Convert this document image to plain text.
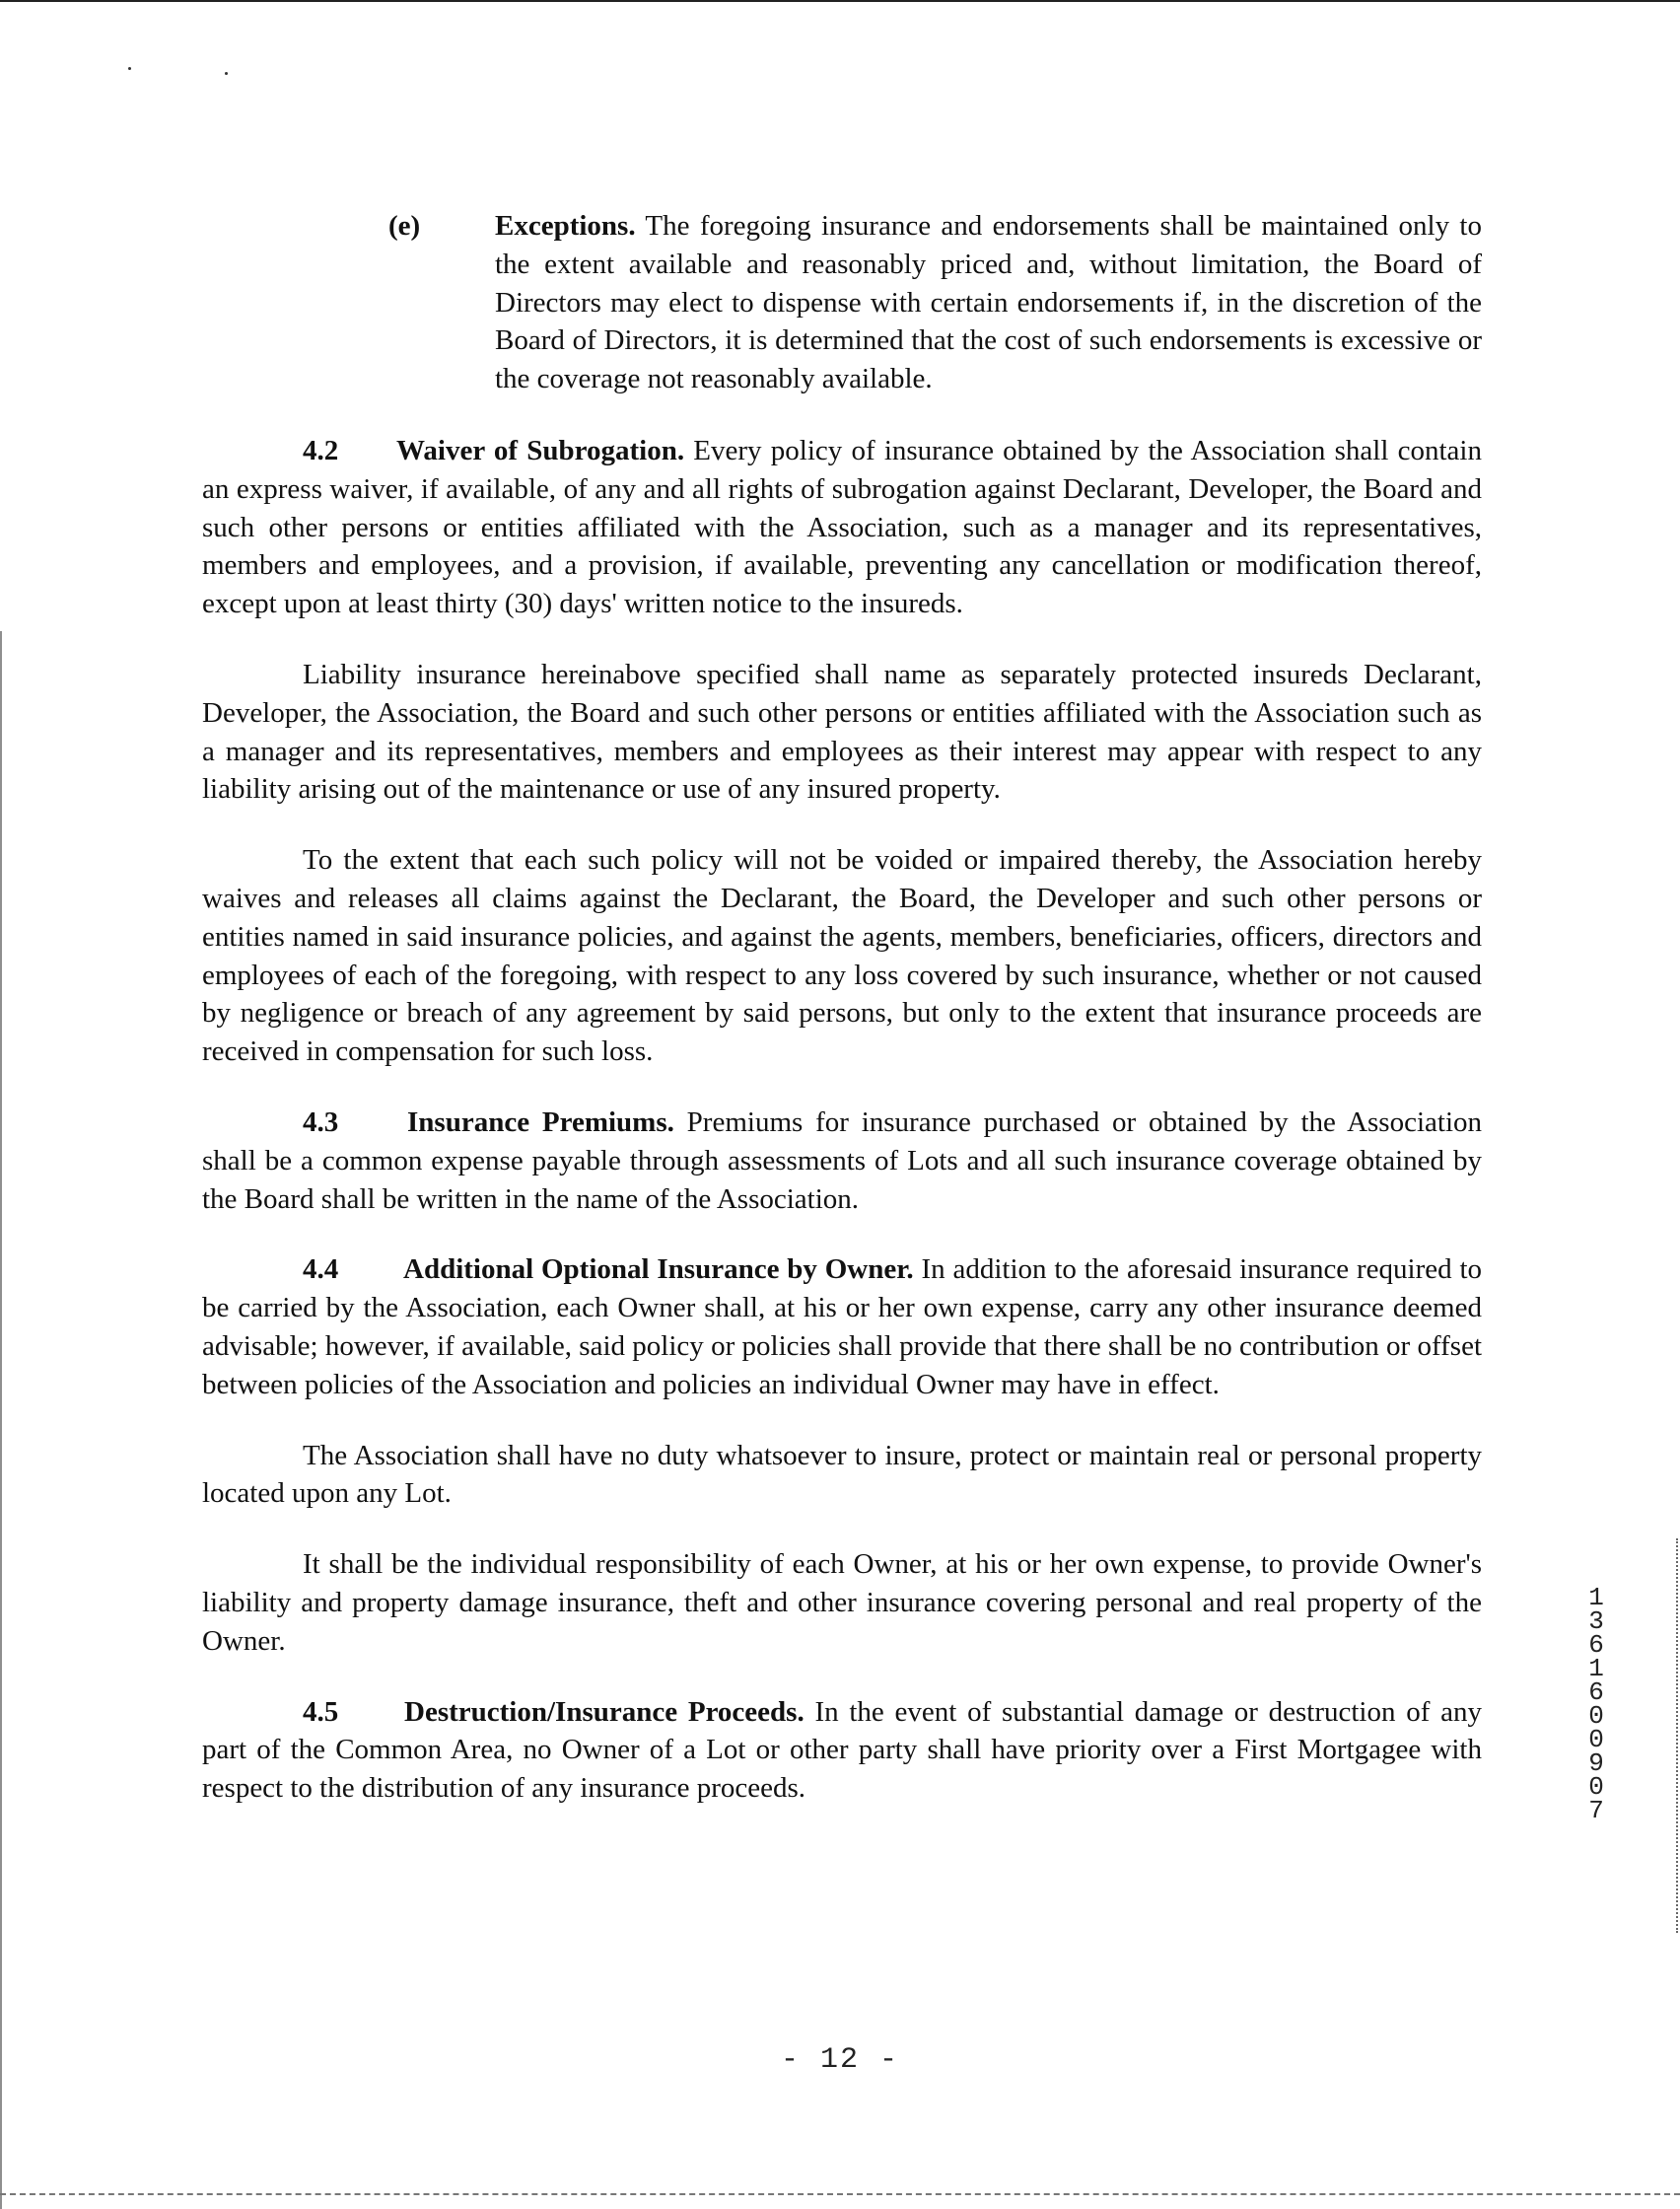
(e)	Exceptions. The foregoing insurance and endorsements shall be maintained only to the extent available and reasonably priced and, without limitation, the Board of Directors may elect to dispense with certain endorsements if, in the discretion of the Board of Directors, it is determined that the cost of such endorsements is excessive or the coverage not reasonably available.

4.2 Waiver of Subrogation. Every policy of insurance obtained by the Association shall contain an express waiver, if available, of any and all rights of subrogation against Declarant, Developer, the Board and such other persons or entities affiliated with the Association, such as a manager and its representatives, members and employees, and a provision, if available, preventing any cancellation or modification thereof, except upon at least thirty (30) days' written notice to the insureds.

Liability insurance hereinabove specified shall name as separately protected insureds Declarant, Developer, the Association, the Board and such other persons or entities affiliated with the Association such as a manager and its representatives, members and employees as their interest may appear with respect to any liability arising out of the maintenance or use of any insured property.

To the extent that each such policy will not be voided or impaired thereby, the Association hereby waives and releases all claims against the Declarant, the Board, the Developer and such other persons or entities named in said insurance policies, and against the agents, members, beneficiaries, officers, directors and employees of each of the foregoing, with respect to any loss covered by such insurance, whether or not caused by negligence or breach of any agreement by said persons, but only to the extent that insurance proceeds are received in compensation for such loss.

4.3 Insurance Premiums. Premiums for insurance purchased or obtained by the Association shall be a common expense payable through assessments of Lots and all such insurance coverage obtained by the Board shall be written in the name of the Association.

4.4 Additional Optional Insurance by Owner. In addition to the aforesaid insurance required to be carried by the Association, each Owner shall, at his or her own expense, carry any other insurance deemed advisable; however, if available, said policy or policies shall provide that there shall be no contribution or offset between policies of the Association and policies an individual Owner may have in effect.

The Association shall have no duty whatsoever to insure, protect or maintain real or personal property located upon any Lot.

It shall be the individual responsibility of each Owner, at his or her own expense, to provide Owner's liability and property damage insurance, theft and other insurance covering personal and real property of the Owner.

4.5 Destruction/Insurance Proceeds. In the event of substantial damage or destruction of any part of the Common Area, no Owner of a Lot or other party shall have priority over a First Mortgagee with respect to the distribution of any insurance proceeds.

13616 00907
- 12 -
